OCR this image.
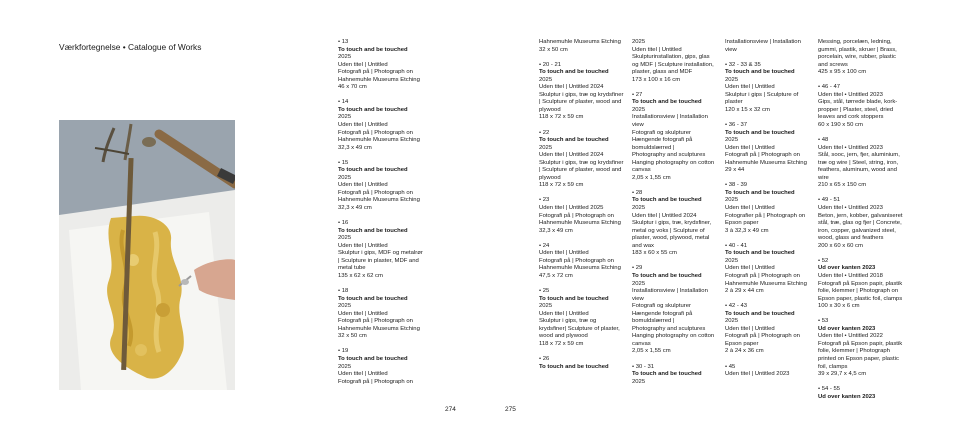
Værkfortegnelse • Catalogue of Works	• 13
To touch and be touched
2025
Uden titel | Untitled
Fotografi på | Photograph on
Hahnemuhle Museums Etching
46 x 70 cm
• 14
To touch and be touched
2025
Uden titel | Untitled
Fotografi på | Photograph on
Hahnemuhle Museums Etching
32,3 x 49 cm
• 15
To touch and be touched
2025
Uden titel | Untitled
Fotografi på | Photograph on
Hahnemuhle Museums Etching
32,3 x 49 cm
• 16
To touch and be touched
2025
Uden titel | Untitled
Skulptur i gips, MDF og metalrør
| Sculpture in plaster, MDF and
metal tube
135 x 62 x 62 cm
• 18
To touch and be touched
2025
Uden titel | Untitled
Fotografi på | Photograph on
Hahnemuhle Museums Etching
32 x 50 cm
• 19
To touch and be touched
2025
Uden titel | Untitled
Fotografi på | Photograph on
Hahnemuhle Museums Etching
32 x 50 cm
• 20 - 21
To touch and be touched
2025
Uden titel | Untitled 2024
Skulptur i gips, træ og krydsfiner
| Sculpture of plaster, wood and
plywood
118 x 72 x 59 cm
• 22
To touch and be touched
2025
Uden titel | Untitled 2024
Skulptur i gips, træ og krydsfiner
| Sculpture of plaster, wood and
plywood
118 x 72 x 59 cm
• 23
Uden titel | Untitled 2025
Fotografi på | Photograph on
Hahnemuhle Museums Etching
32,3 x 49 cm
• 24
Uden titel | Untitled
Fotografi på | Photograph on
Hahnemuhle Museums Etching
47,5 x 72 cm
• 25
To touch and be touched
2025
Uden titel | Untitled
Skulptur i gips, træ og
krydsfiner| Sculpture of plaster,
wood and plywood
118 x 72 x 59 cm
• 26
To touch and be touched
2025
Uden titel | Untitled
Skulpturinstallation, gips, glas
og MDF | Sculpture installation,
plaster, glass and MDF
173 x 100 x 16 cm
• 27
To touch and be touched
2025
Installationsview | Installation
view
Fotografi og skulpturer
Hængende fotografi på
bomuldslærred |
Photography and sculptures
Hanging photography on cotton
canvas
2,05 x 1,55 cm
• 28
To touch and be touched
2025
Uden titel | Untitled 2024
Skulptur i gips, træ, krydsfiner,
metal og voks | Sculpture of
plaster, wood, plywood, metal
and wax
183 x 60 x 55 cm
• 29
To touch and be touched
2025
Installationsview | Installation
view
Fotografi og skulpturer
Hængende fotografi på
bomuldslærred |
Photography and sculptures
Hanging photography on cotton
canvas
2,05 x 1,55 cm
• 30 - 31
To touch and be touched
2025
Installationsview | Installation
view
• 32 - 33 & 35
To touch and be touched
2025
Uden titel | Untitled
Skulptur i gips | Sculpture of
plaster
120 x 15 x 32 cm
• 36 - 37
To touch and be touched
2025
Uden titel | Untitled
Fotografi på | Photograph on
Hahnemuhle Museums Etching
29 x 44
• 38 - 39
To touch and be touched
2025
Uden titel | Untitled
Fotografier på | Photograph on
Epson paper
3 à 32,3 x 49 cm
• 40 - 41
To touch and be touched
2025
Uden titel | Untitled
Fotografi på | Photograph on
Hahnemuhle Museums Etching
2 à 29 x 44 cm
• 42 - 43
To touch and be touched
2025
Uden titel | Untitled
Fotografi på | Photograph on
Epson paper
2 à 24 x 36 cm
• 45
Uden titel | Untitled 2023
Messing, porcelæn, ledning,
gummi, plastik, skruer | Brass,
porcelain, wire, rubber, plastic
and screws
425 x 95 x 100 cm
• 46 - 47
Uden titel • Untitled 2023
Gips, stål, tørrede blade, kork-
propper | Plaster, steel, dried
leaves and cork stoppers
60 x 190 x 50 cm
• 48
Uden titel • Untitled 2023
Stål, sooc, jern, fjer, aluminium,
træ og wire | Steel, string, iron,
feathers, aluminum, wood and
wire
210 x 65 x 150 cm
• 49 - 51
Uden titel • Untitled 2023
Beton, jern, kobber, galvaniseret
stål, træ, glas og fjer | Concrete,
iron, copper, galvanized steel,
wood, glass and feathers
200 x 60 x 60 cm
• 52
Ud over kanten 2023
Uden titel • Untitled 2018
Fotografi på Epson papir, plastik
folie, klemmer | Photograph on
Epson paper, plastic foil, clamps
100 x 30 x 6 cm
• 53
Ud over kanten 2023
Uden titel • Untitled 2022
Fotografi på Epson papir, plastik
folie, klemmer | Photograph
printed on Epson paper, plastic
foil, clamps
39 x 29,7 x 4,5 cm
• 54 - 55
Ud over kanten 2023
274	275
